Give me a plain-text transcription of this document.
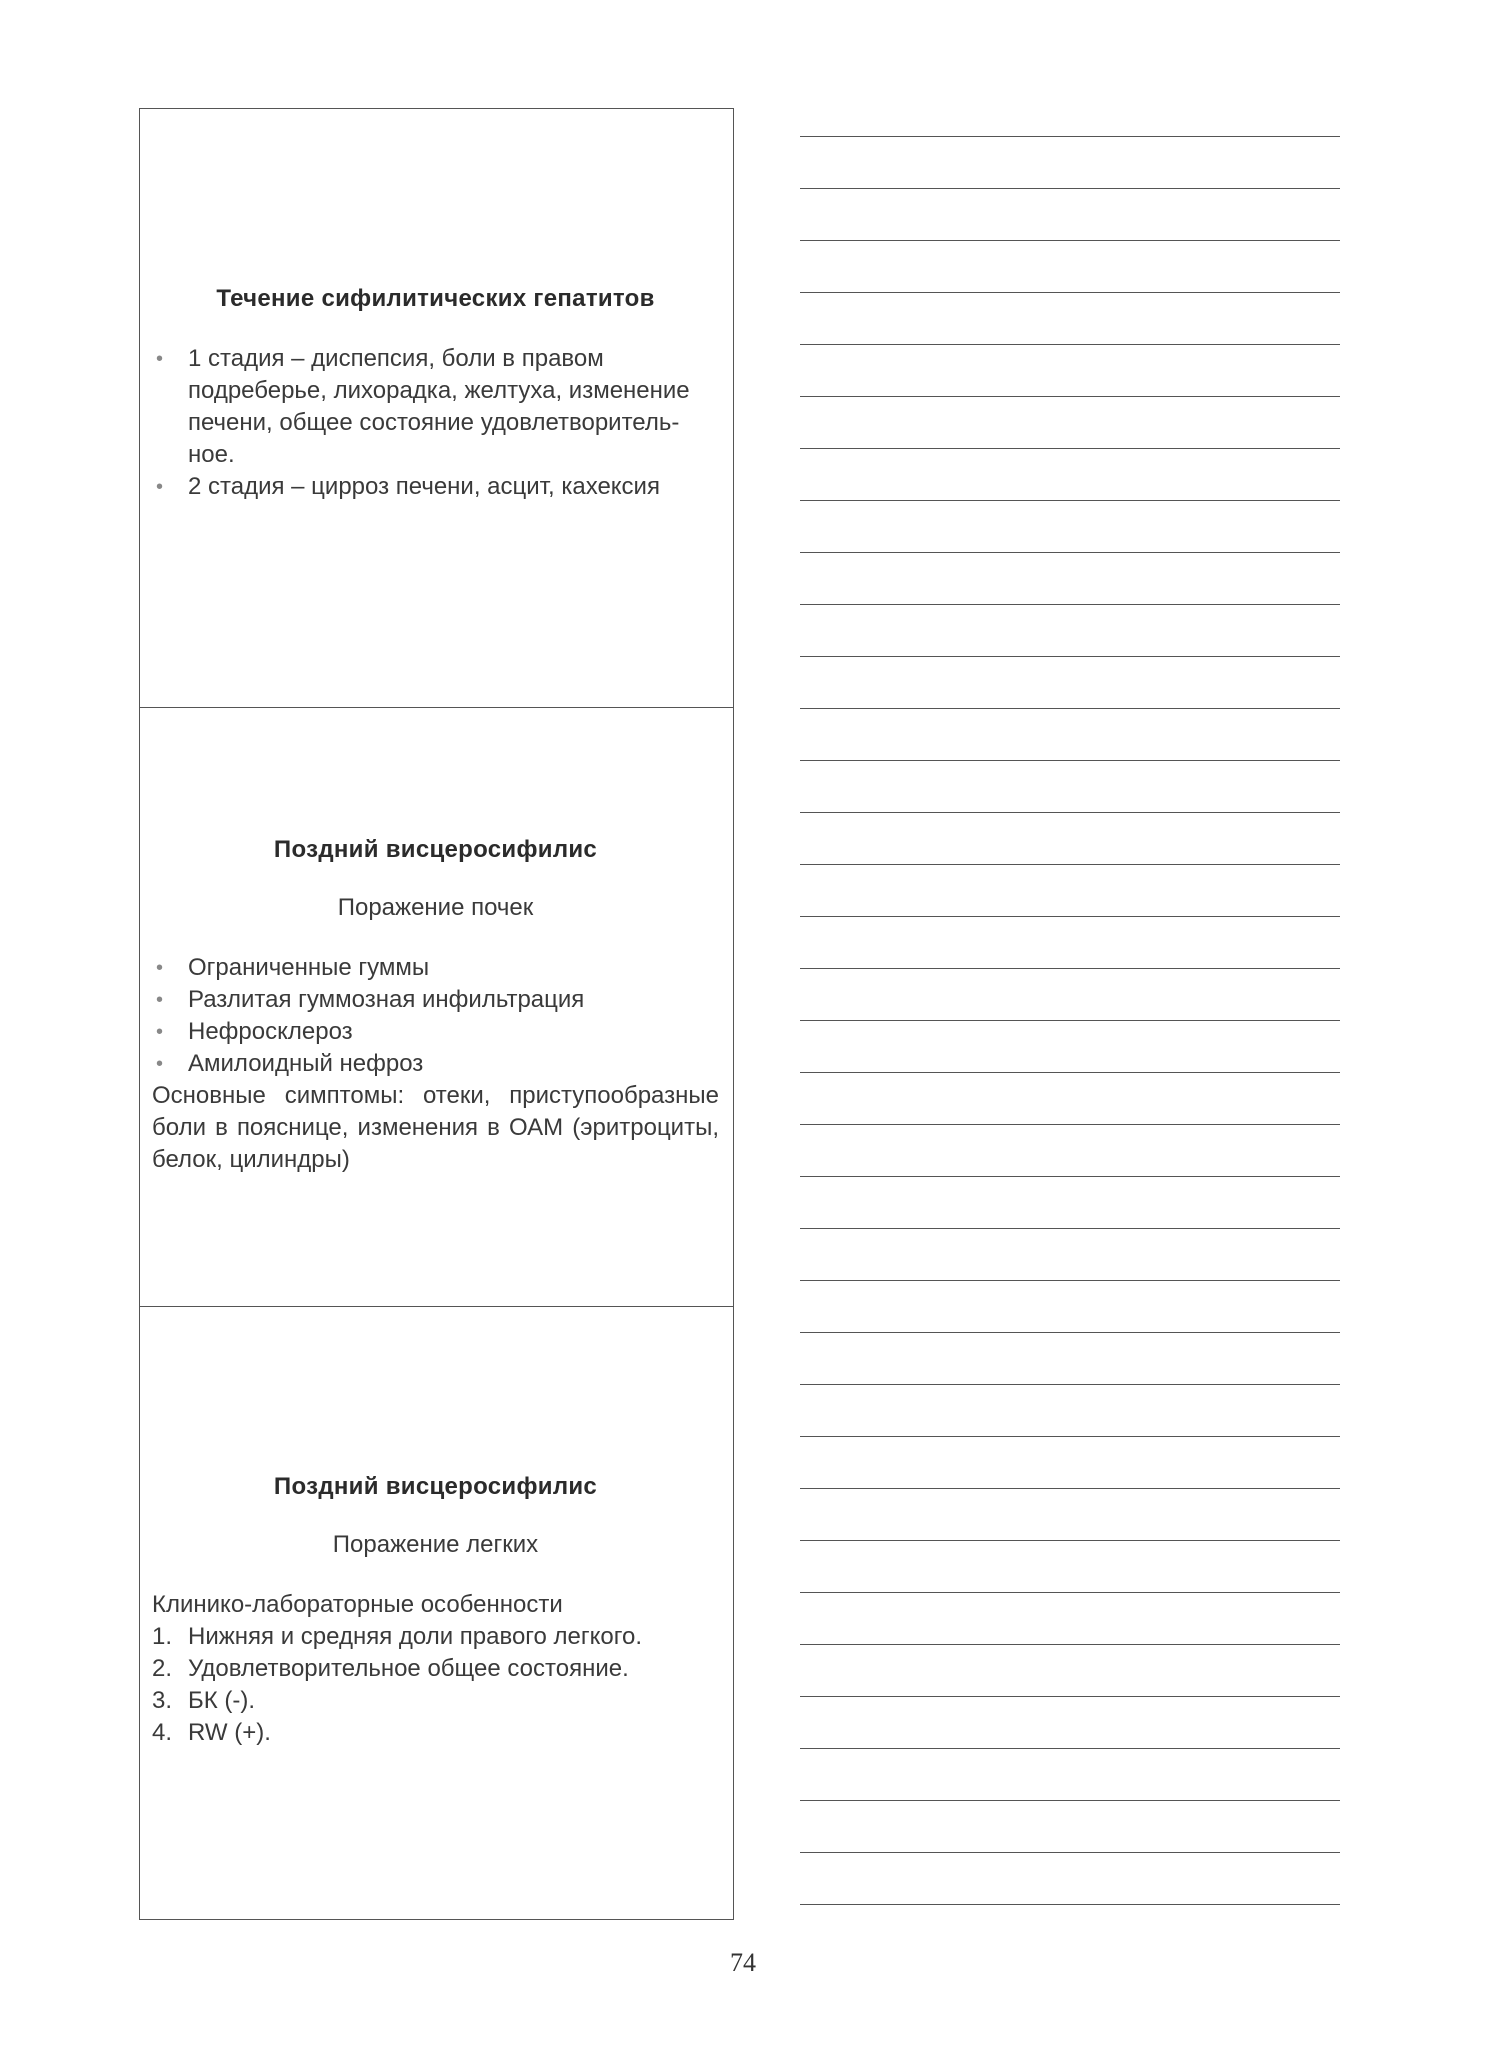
Течение сифилитических гепатитов
• 1 стадия – диспепсия, боли в правом подреберье, лихорадка, желтуха, изменение печени, общее состояние удовлетворитель-ное.
• 2 стадия – цирроз печени, асцит, кахексия
Поздний висцеросифилис
Поражение почек
• Ограниченные гуммы
• Разлитая гуммозная инфильтрация
• Нефросклероз
• Амилоидный нефроз
Основные симптомы: отеки, приступообразные боли в пояснице, изменения в ОАМ (эритроциты, белок, цилиндры)
Поздний висцеросифилис
Поражение легких
Клинико-лабораторные особенности
1. Нижняя и средняя доли правого легкого.
2. Удовлетворительное общее состояние.
3. БК (-).
4. RW (+).
74
